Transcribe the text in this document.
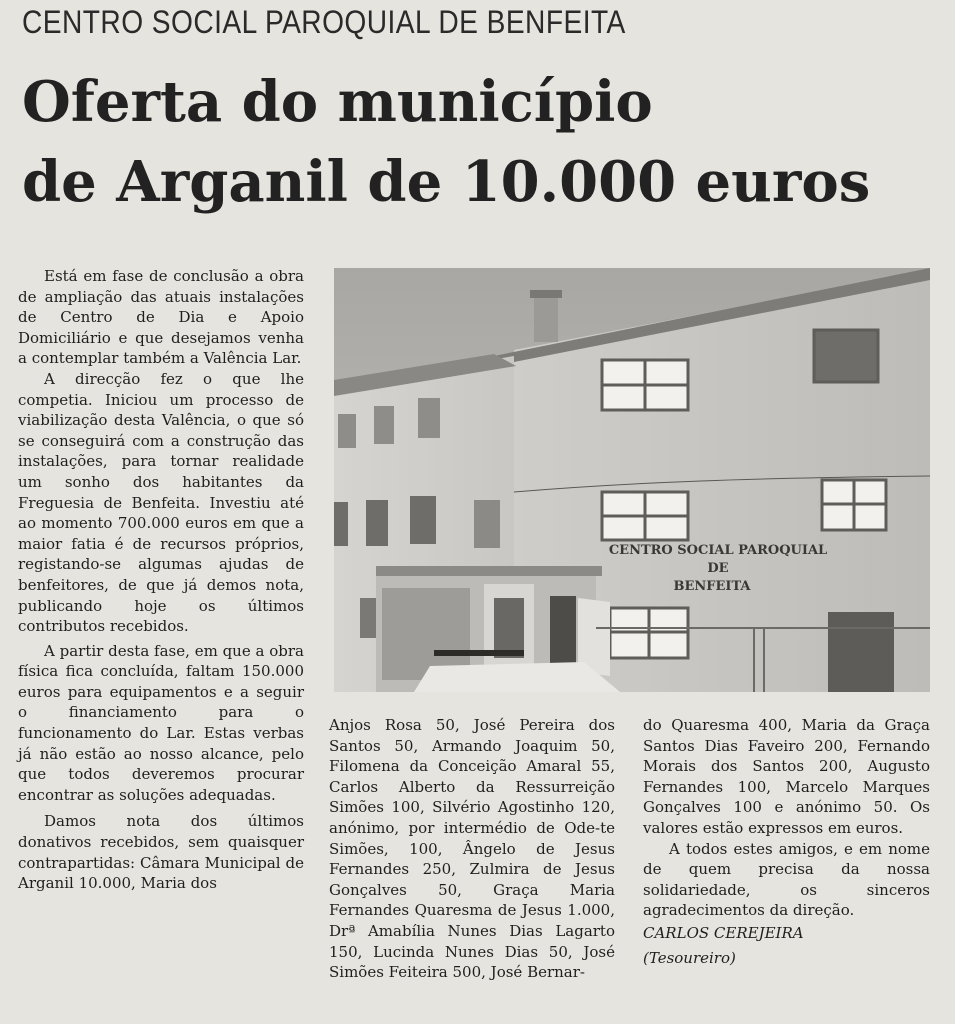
CENTRO SOCIAL PAROQUIAL DE BENFEITA
Oferta do município
de Arganil de 10.000 euros

Está em fase de conclusão a obra de ampliação das atuais instalações de Centro de Dia e Apoio Domiciliário e que desejamos venha a contemplar também a Valência Lar.

A direcção fez o que lhe competia. Iniciou um processo de viabilização desta Valência, o que só se conseguirá com a construção das instalações, para tornar realidade um sonho dos habitantes da Freguesia de Benfeita. Investiu até ao momento 700.000 euros em que a maior fatia é de recursos próprios, registando-se algumas ajudas de benfeitores, de que já demos nota, publicando hoje os últimos contributos recebidos.

A partir desta fase, em que a obra física fica concluída, faltam 150.000 euros para equipamentos e a seguir o financiamento para o funcionamento do Lar. Estas verbas já não estão ao nosso alcance, pelo que todos deveremos procurar encontrar as soluções adequadas.

Damos nota dos últimos donativos recebidos, sem quaisquer contrapartidas: Câmara Municipal de Arganil 10.000, Maria dos

CENTRO SOCIAL PAROQUIAL
DE
BENFEITA

Anjos Rosa 50, José Pereira dos Santos 50, Armando Joaquim 50, Filomena da Conceição Amaral 55, Carlos Alberto da Ressurreição Simões 100, Silvério Agostinho 120, anónimo, por intermédio de Ode-te Simões, 100, Ângelo de Jesus Fernandes 250, Zulmira de Jesus Gonçalves 50, Graça Maria Fernandes Quaresma de Jesus 1.000, Drª Amabília Nunes Dias Lagarto 150, Lucinda Nunes Dias 50, José Simões Feiteira 500, José Bernar-

do Quaresma 400, Maria da Graça Santos Dias Faveiro 200, Fernando Morais dos Santos 200, Augusto Fernandes 100, Marcelo Marques Gonçalves 100 e anónimo 50. Os valores estão expressos em euros.

A todos estes amigos, e em nome de quem precisa da nossa solidariedade, os sinceros agradecimentos da direção.

CARLOS CEREJEIRA

(Tesoureiro)
